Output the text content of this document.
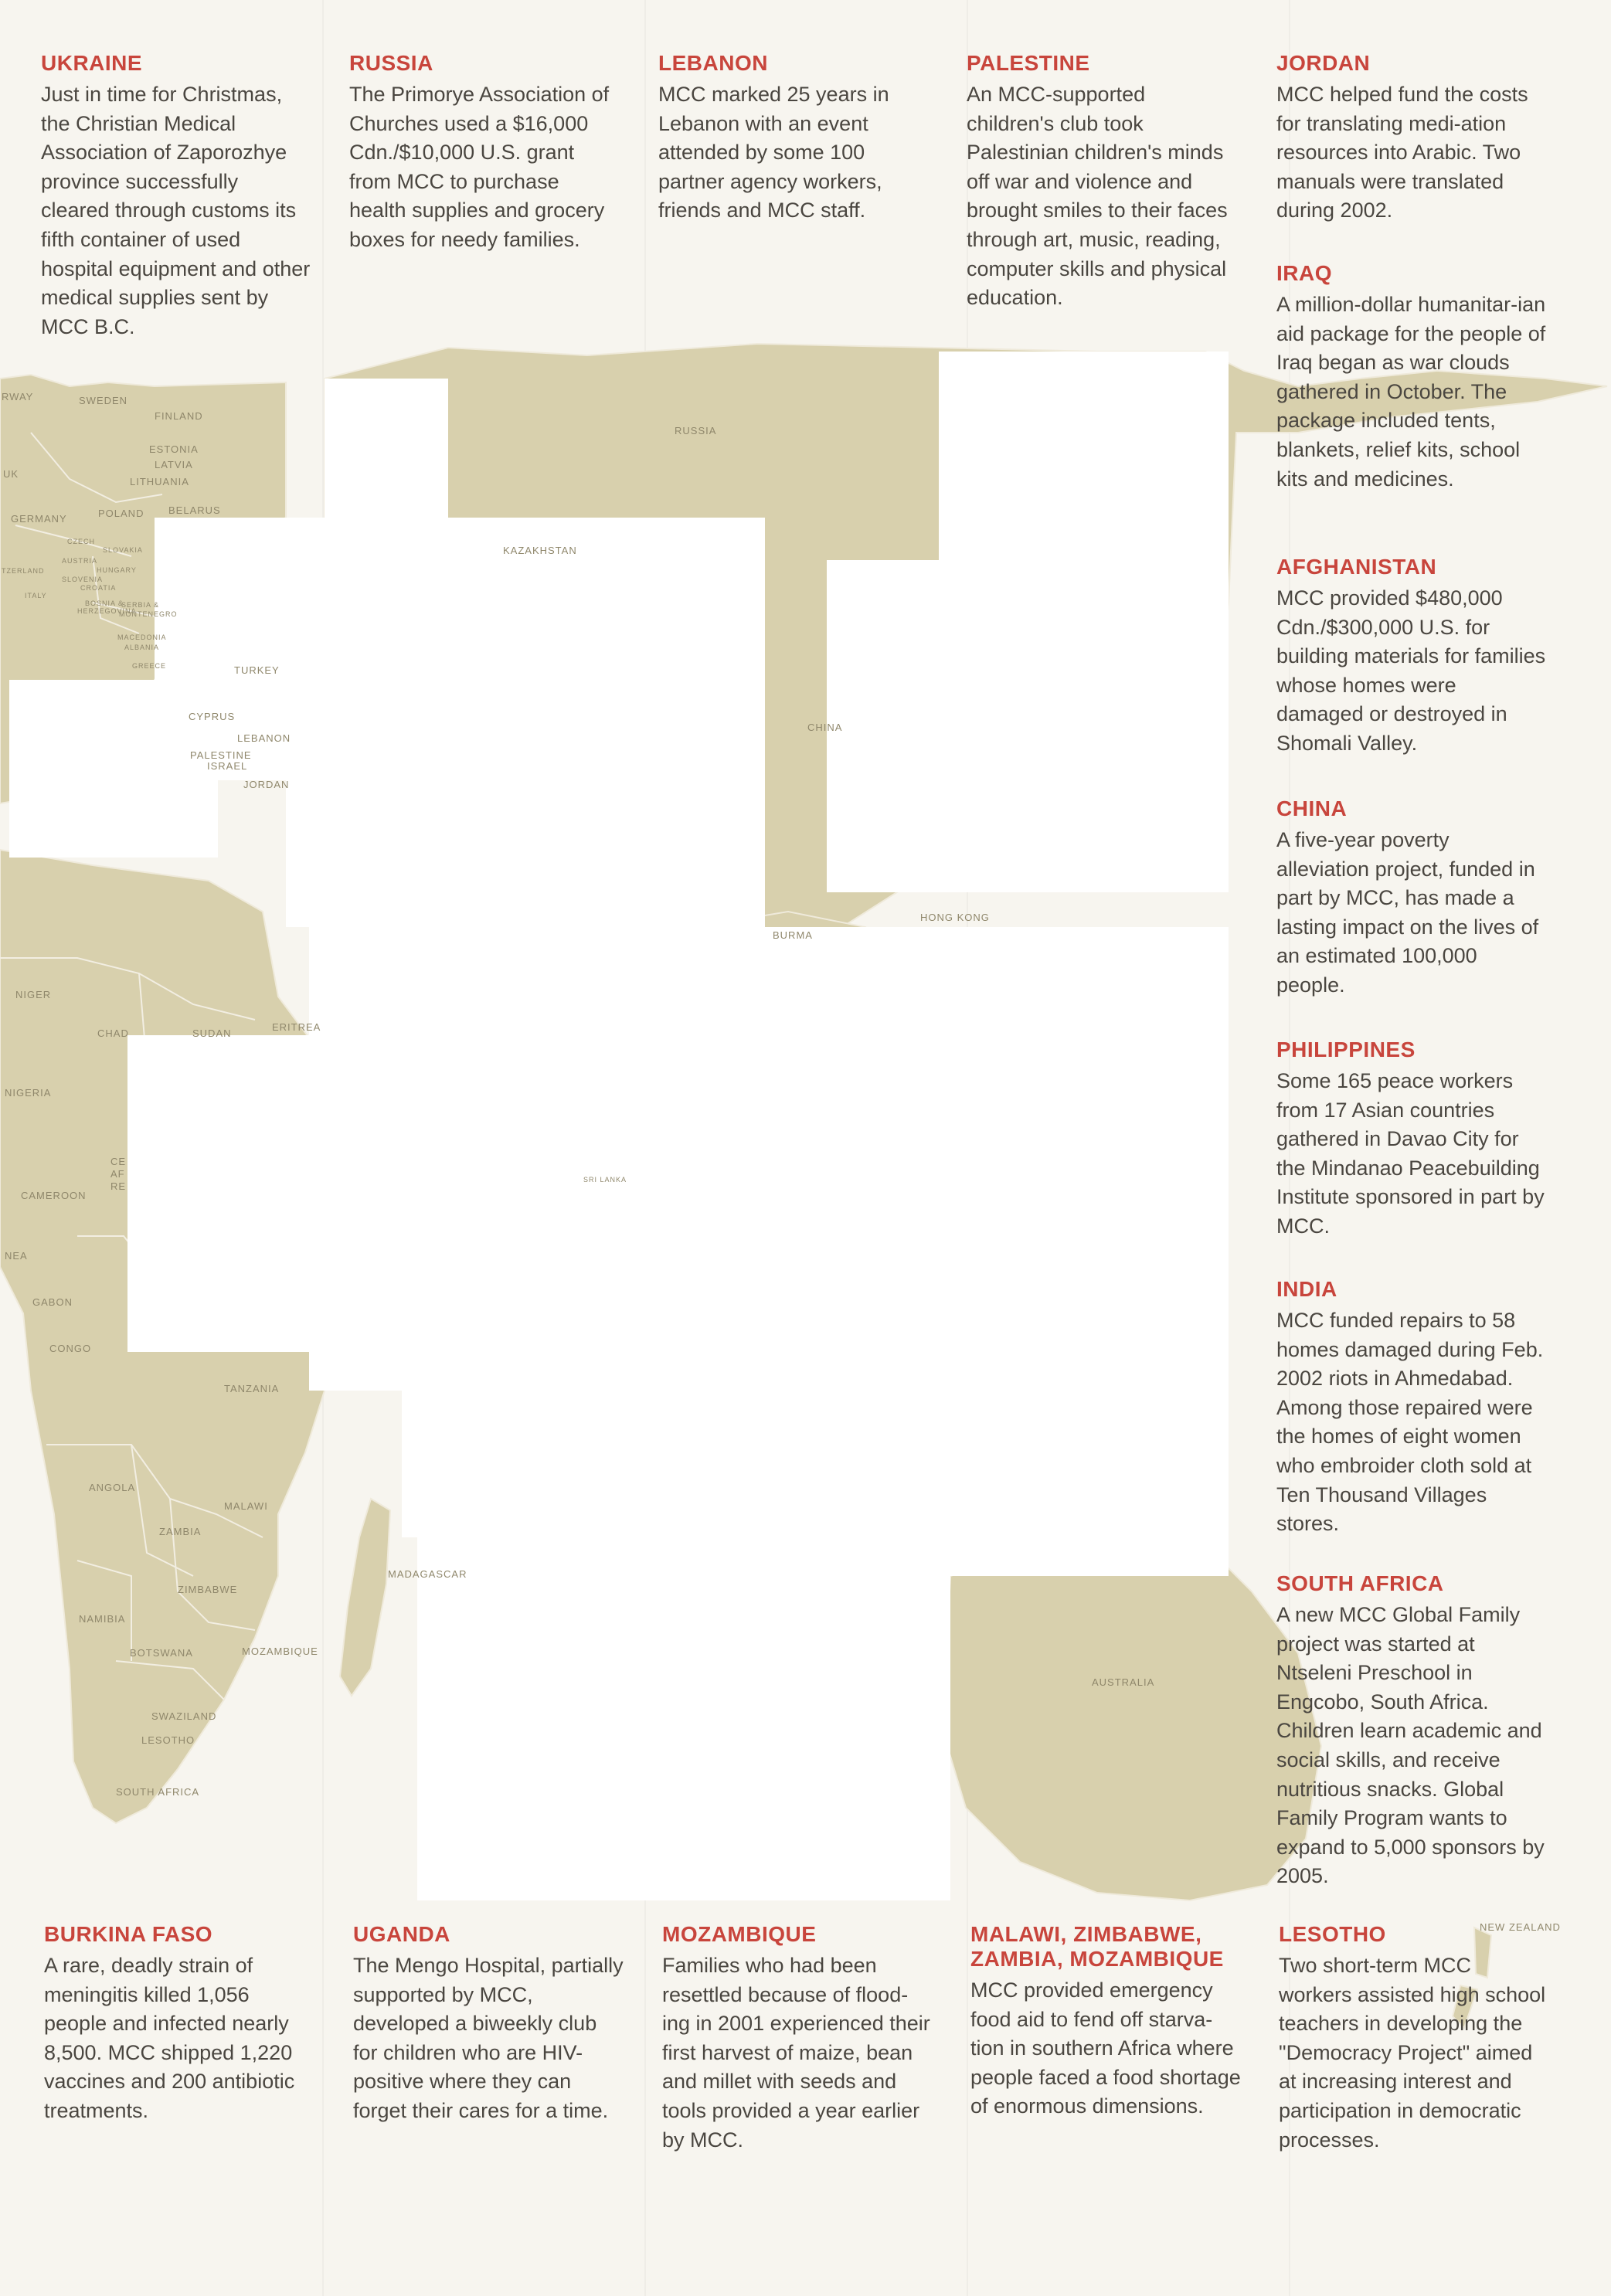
RWAY	SWEDEN
FINLAND
ESTONIA
LATVIA
LITHUANIA
UK
GERMANY	POLAND BELARUS
CZECH
SLOVAKIA
AUSTRIA
HUNGARY
TZERLAND
SLOVENIA
CROATIA
ITALY
BOSNIA &
HERZEGOVINA
SERBIA &
MONTENEGRO
MACEDONIA
ALBANIA
GREECE	TURKEY
CYPRUS
LEBANON
PALESTINE
ISRAEL
JORDAN
RUSSIA
KAZAKHSTAN
CHINA
HONG KONG
BURMA
NIGER
CHAD	SUDAN
ERITREA
NIGERIA
CE
AF
RE
CAMEROON
NEA
GABON
CONGO
TANZANIA
ANGOLA
MALAWI
ZAMBIA
ZIMBABWE
NAMIBIA
BOTSWANA	MOZAMBIQUE
SWAZILAND
LESOTHO
SOUTH AFRICA
MADAGASCAR
SRI LANKA
AUSTRALIA
NEW ZEALAND
UKRAINE

Just in time for Christmas, the Christian Medical Association of Zaporozhye province successfully cleared through customs its fifth container of used hospital equipment and other medical supplies sent by MCC B.C.

RUSSIA

The Primorye Association of Churches used a $16,000 Cdn./$10,000 U.S. grant from MCC to purchase health supplies and grocery boxes for needy families.

LEBANON

MCC marked 25 years in Lebanon with an event attended by some 100 partner agency workers, friends and MCC staff.

PALESTINE

An MCC-supported children's club took Palestinian children's minds off war and violence and brought smiles to their faces through art, music, reading, computer skills and physical education.

JORDAN

MCC helped fund the costs for translating medi-ation resources into Arabic. Two manuals were translated during 2002.

IRAQ

A million-dollar humanitar-ian aid package for the people of Iraq began as war clouds gathered in October. The package included tents, blankets, relief kits, school kits and medicines.

AFGHANISTAN

MCC provided $480,000 Cdn./$300,000 U.S. for building materials for families whose homes were damaged or destroyed in Shomali Valley.

CHINA

A five-year poverty alleviation project, funded in part by MCC, has made a lasting impact on the lives of an estimated 100,000 people.

PHILIPPINES

Some 165 peace workers from 17 Asian countries gathered in Davao City for the Mindanao Peacebuilding Institute sponsored in part by MCC.

INDIA

MCC funded repairs to 58 homes damaged during Feb. 2002 riots in Ahmedabad. Among those repaired were the homes of eight women who embroider cloth sold at Ten Thousand Villages stores.

SOUTH AFRICA

A new MCC Global Family project was started at Ntseleni Preschool in Engcobo, South Africa. Children learn academic and social skills, and receive nutritious snacks. Global Family Program wants to expand to 5,000 sponsors by 2005.

BURKINA FASO

A rare, deadly strain of meningitis killed 1,056 people and infected nearly 8,500. MCC shipped 1,220 vaccines and 200 antibiotic treatments.

UGANDA

The Mengo Hospital, partially supported by MCC, developed a biweekly club for children who are HIV-positive where they can forget their cares for a time.

MOZAMBIQUE

Families who had been resettled because of flood-ing in 2001 experienced their first harvest of maize, bean and millet with seeds and tools provided a year earlier by MCC.

MALAWI, ZIMBABWE, ZAMBIA, MOZAMBIQUE

MCC provided emergency food aid to fend off starva-tion in southern Africa where people faced a food shortage of enormous dimensions.

LESOTHO

Two short-term MCC workers assisted high school teachers in developing the "Democracy Project" aimed at increasing interest and participation in democratic processes.
